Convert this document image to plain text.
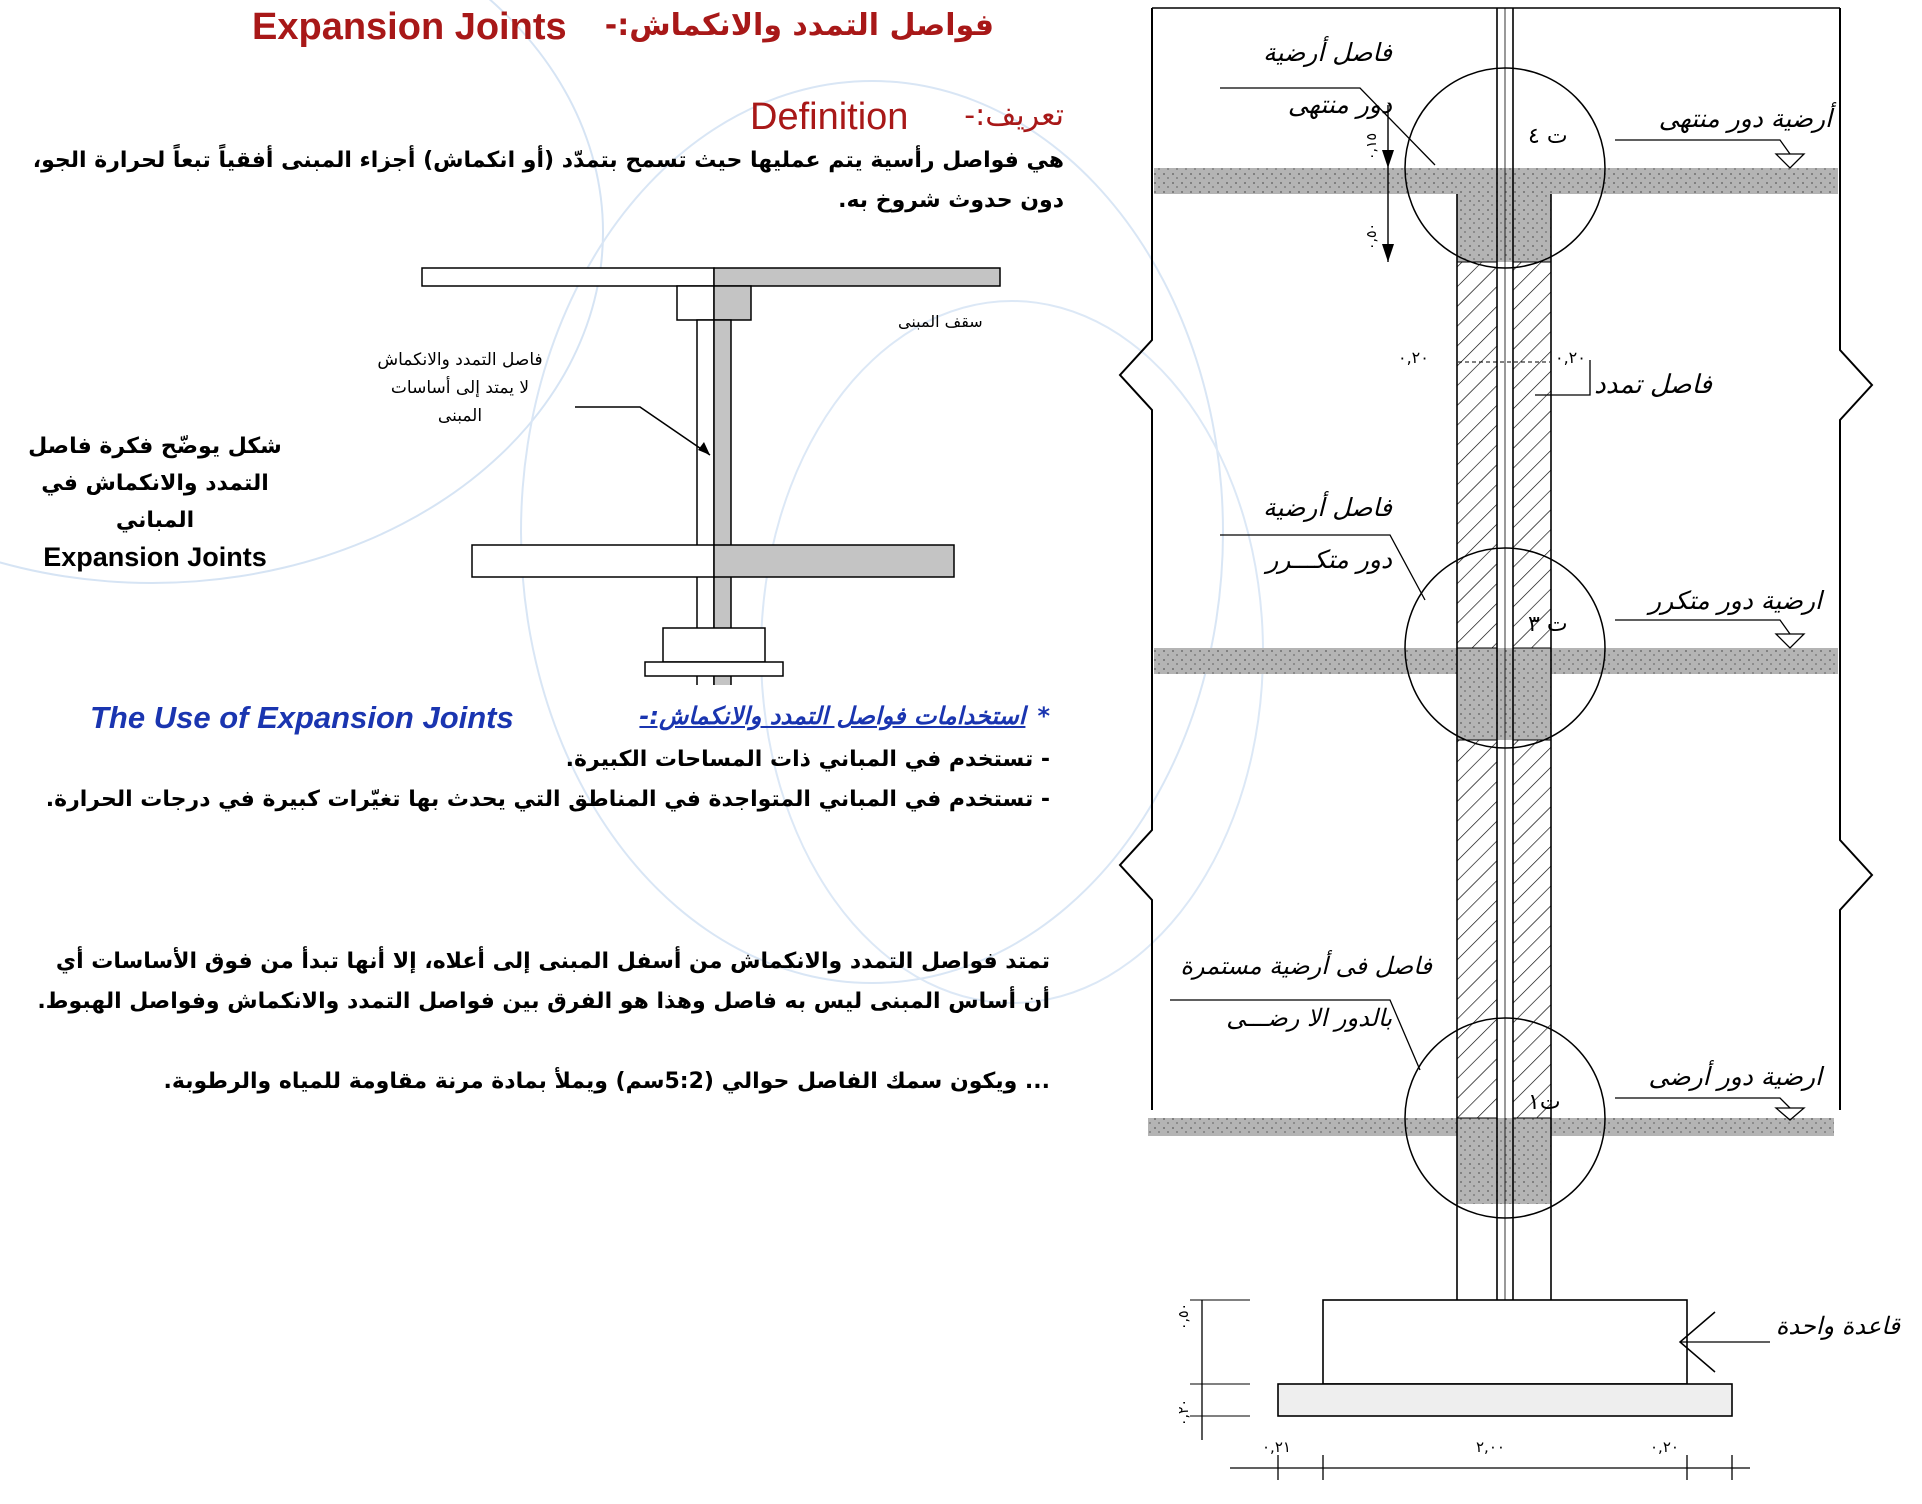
Expansion Joints فواصل التمدد والانكماش:-
Definition تعريف:-
هي فواصل رأسية يتم عمليها حيث تسمح بتمدّد (أو انكماش) أجزاء المبنى أفقياً تبعاً لحرارة الجو،
دون حدوث شروخ به.
شكل يوضّح فكرة فاصل
التمدد والانكماش في
المباني
Expansion Joints
سقف المبنى
فاصل التمدد والانكماش
لا يمتد إلى أساسات
المبنى
The Use of Expansion Joints	*استخدامات فواصل التمدد والانكماش:-
- تستخدم في المباني ذات المساحات الكبيرة.
- تستخدم في المباني المتواجدة في المناطق التي يحدث بها تغيّرات كبيرة في درجات الحرارة.
تمتد فواصل التمدد والانكماش من أسفل المبنى إلى أعلاه، إلا أنها تبدأ من فوق الأساسات أي
أن أساس المبنى ليس به فاصل وهذا هو الفرق بين فواصل التمدد والانكماش وفواصل الهبوط.
... ويكون سمك الفاصل حوالي (5:2سم) ويملأ بمادة مرنة مقاومة للمياه والرطوبة.
فاصل أرضية
دور منتهى	أرضية دور منتهى
ت ٤
٠,٢٠	٠,٢٠
فاصل تمدد
فاصل أرضية
دور متكـــرر
ارضية دور متكرر
ت ٣
فاصل فى أرضية مستمرة
بالدور الا رضـــى
ارضية دور أرضى
ت١
قاعدة واحدة
٠,٢١	٢,٠٠	٠,٢٠
٠,٥٠
٠,٢٠
٠,١٥
٠,٥٠
